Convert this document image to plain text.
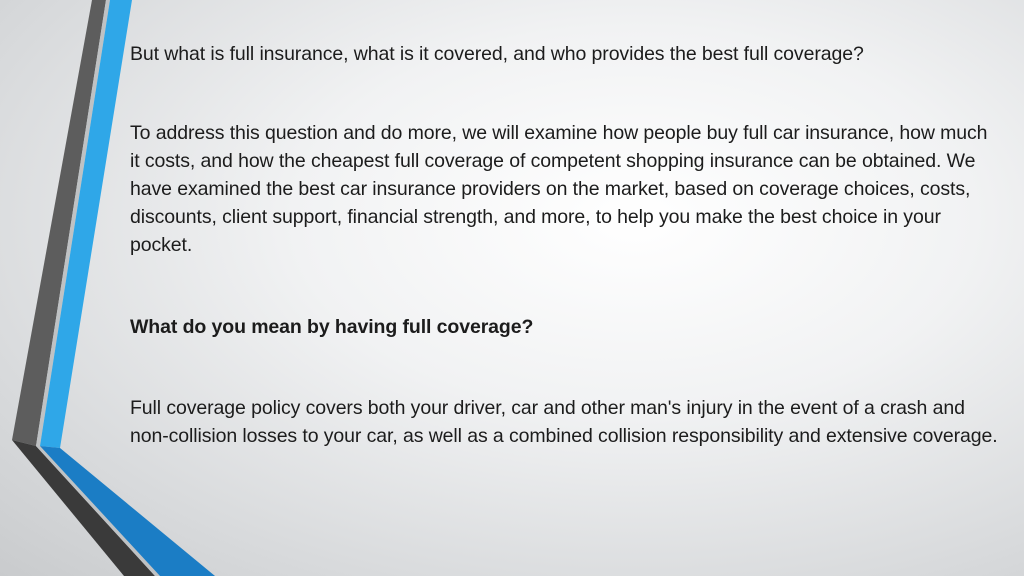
But what is full insurance, what is it covered, and who provides the best full coverage?

To address this question and do more, we will examine how people buy full car insurance, how much it costs, and how the cheapest full coverage of competent shopping insurance can be obtained. We have examined the best car insurance providers on the market, based on coverage choices, costs, discounts, client support, financial strength, and more, to help you make the best choice in your pocket.

What do you mean by having full coverage?

Full coverage policy covers both your driver, car and other man's injury in the event of a crash and non-collision losses to your car, as well as a combined collision responsibility and extensive coverage.
